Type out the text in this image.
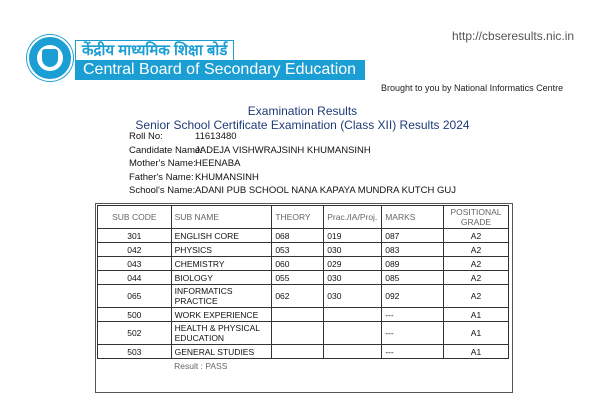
केंद्रीय माध्यमिक शिक्षा बोर्ड
Central Board of Secondary Education
http://cbseresults.nic.in
Brought to you by National Informatics Centre
Examination Results
Senior School Certificate Examination (Class XII) Results 2024
Roll No:	11613480
Candidate Name:
JADEJA VISHWRAJSINH KHUMANSINH
Mother's Name: HEENABA
Father's Name: KHUMANSINH
School's Name: ADANI PUB SCHOOL NANA KAPAYA MUNDRA KUTCH GUJ
SUB CODE	SUB NAME	THEORY	Prac./IA/Proj.	MARKS	POSITIONAL GRADE
301	ENGLISH CORE	068	019	087	A2
042	PHYSICS	053	030	083	A2
043	CHEMISTRY	060	029	089	A2
044	BIOLOGY	055	030	085	A2
065	INFORMATICS PRACTICE	062	030	092	A2
500	WORK EXPERIENCE			---	A1
502	HEALTH & PHYSICAL EDUCATION			---	A1
503	GENERAL STUDIES			---	A1
	Result : PASS				
